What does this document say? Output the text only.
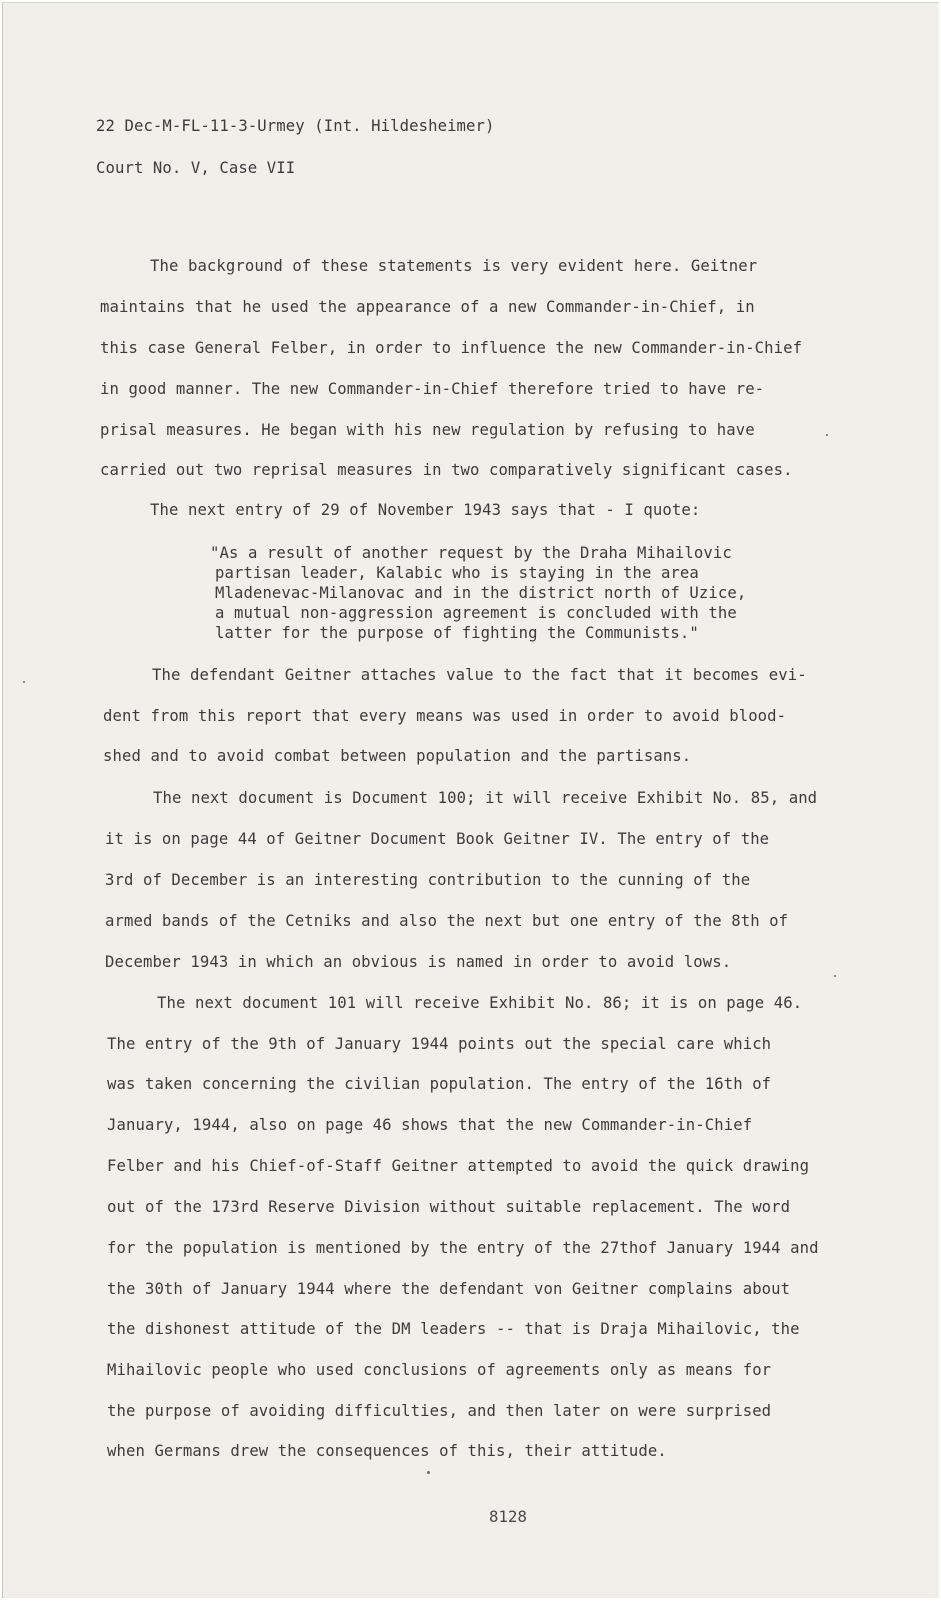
22 Dec-M-FL-11-3-Urmey (Int. Hildesheimer)
Court No. V, Case VII
The background of these statements is very evident here. Geitner
maintains that he used the appearance of a new Commander-in-Chief, in
this case General Felber, in order to influence the new Commander-in-Chief
in good manner. The new Commander-in-Chief therefore tried to have re-
prisal measures. He began with his new regulation by refusing to have
carried out two reprisal measures in two comparatively significant cases.
The next entry of 29 of November 1943 says that - I quote:
"As a result of another request by the Draha Mihailovic
partisan leader, Kalabic who is staying in the area
Mladenevac-Milanovac and in the district north of Uzice,
a mutual non-aggression agreement is concluded with the
latter for the purpose of fighting the Communists."
The defendant Geitner attaches value to the fact that it becomes evi-
dent from this report that every means was used in order to avoid blood-
shed and to avoid combat between population and the partisans.
The next document is Document 100; it will receive Exhibit No. 85, and
it is on page 44 of Geitner Document Book Geitner IV. The entry of the
3rd of December is an interesting contribution to the cunning of the
armed bands of the Cetniks and also the next but one entry of the 8th of
December 1943 in which an obvious is named in order to avoid lows.
The next document 101 will receive Exhibit No. 86; it is on page 46.
The entry of the 9th of January 1944 points out the special care which
was taken concerning the civilian population. The entry of the 16th of
January, 1944, also on page 46 shows that the new Commander-in-Chief
Felber and his Chief-of-Staff Geitner attempted to avoid the quick drawing
out of the 173rd Reserve Division without suitable replacement. The word
for the population is mentioned by the entry of the 27thof January 1944 and
the 30th of January 1944 where the defendant von Geitner complains about
the dishonest attitude of the DM leaders -- that is Draja Mihailovic, the
Mihailovic people who used conclusions of agreements only as means for
the purpose of avoiding difficulties, and then later on were surprised
when Germans drew the consequences of this, their attitude.
8128
